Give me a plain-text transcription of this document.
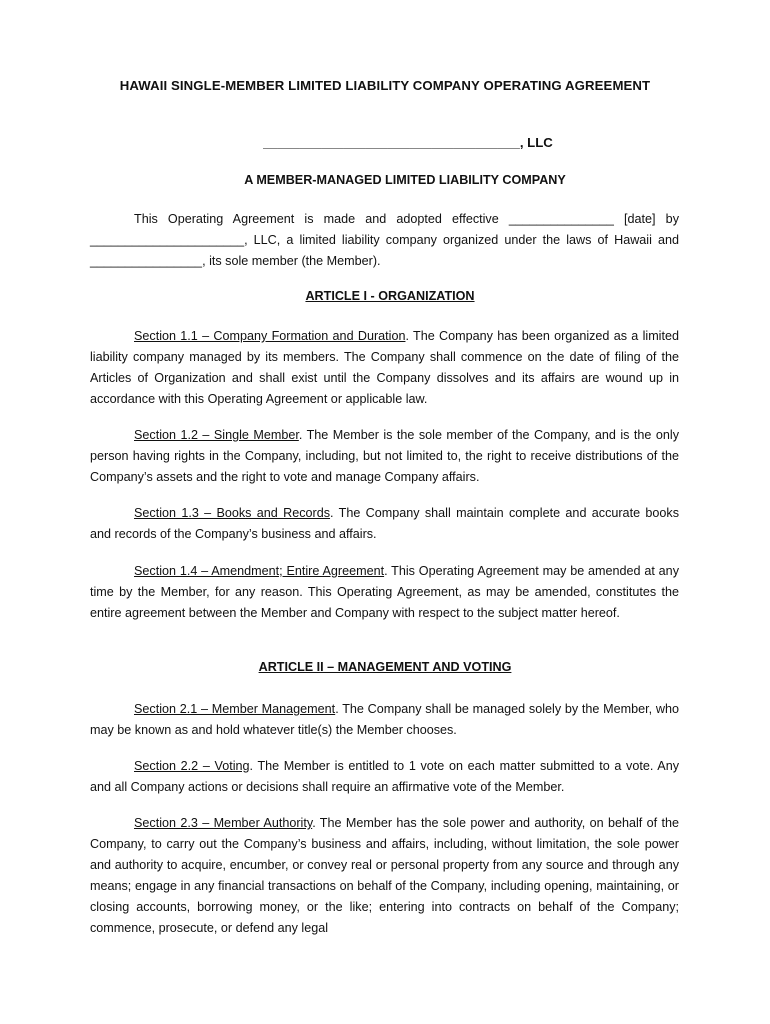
HAWAII SINGLE-MEMBER LIMITED LIABILITY COMPANY OPERATING AGREEMENT
___________________________________, LLC
A MEMBER-MANAGED LIMITED LIABILITY COMPANY

This Operating Agreement is made and adopted effective _______________ [date] by ______________________, LLC, a limited liability company organized under the laws of Hawaii and ________________, its sole member (the Member).

ARTICLE I - ORGANIZATION

Section 1.1 – Company Formation and Duration. The Company has been organized as a limited liability company managed by its members. The Company shall commence on the date of filing of the Articles of Organization and shall exist until the Company dissolves and its affairs are wound up in accordance with this Operating Agreement or applicable law.

Section 1.2 – Single Member. The Member is the sole member of the Company, and is the only person having rights in the Company, including, but not limited to, the right to receive distributions of the Company’s assets and the right to vote and manage Company affairs.

Section 1.3 – Books and Records. The Company shall maintain complete and accurate books and records of the Company’s business and affairs.

Section 1.4 – Amendment; Entire Agreement. This Operating Agreement may be amended at any time by the Member, for any reason. This Operating Agreement, as may be amended, constitutes the entire agreement between the Member and Company with respect to the subject matter hereof.

ARTICLE II – MANAGEMENT AND VOTING

Section 2.1 – Member Management. The Company shall be managed solely by the Member, who may be known as and hold whatever title(s) the Member chooses.

Section 2.2 – Voting. The Member is entitled to 1 vote on each matter submitted to a vote. Any and all Company actions or decisions shall require an affirmative vote of the Member.

Section 2.3 – Member Authority. The Member has the sole power and authority, on behalf of the Company, to carry out the Company’s business and affairs, including, without limitation, the sole power and authority to acquire, encumber, or convey real or personal property from any source and through any means; engage in any financial transactions on behalf of the Company, including opening, maintaining, or closing accounts, borrowing money, or the like; entering into contracts on behalf of the Company; commence, prosecute, or defend any legal
